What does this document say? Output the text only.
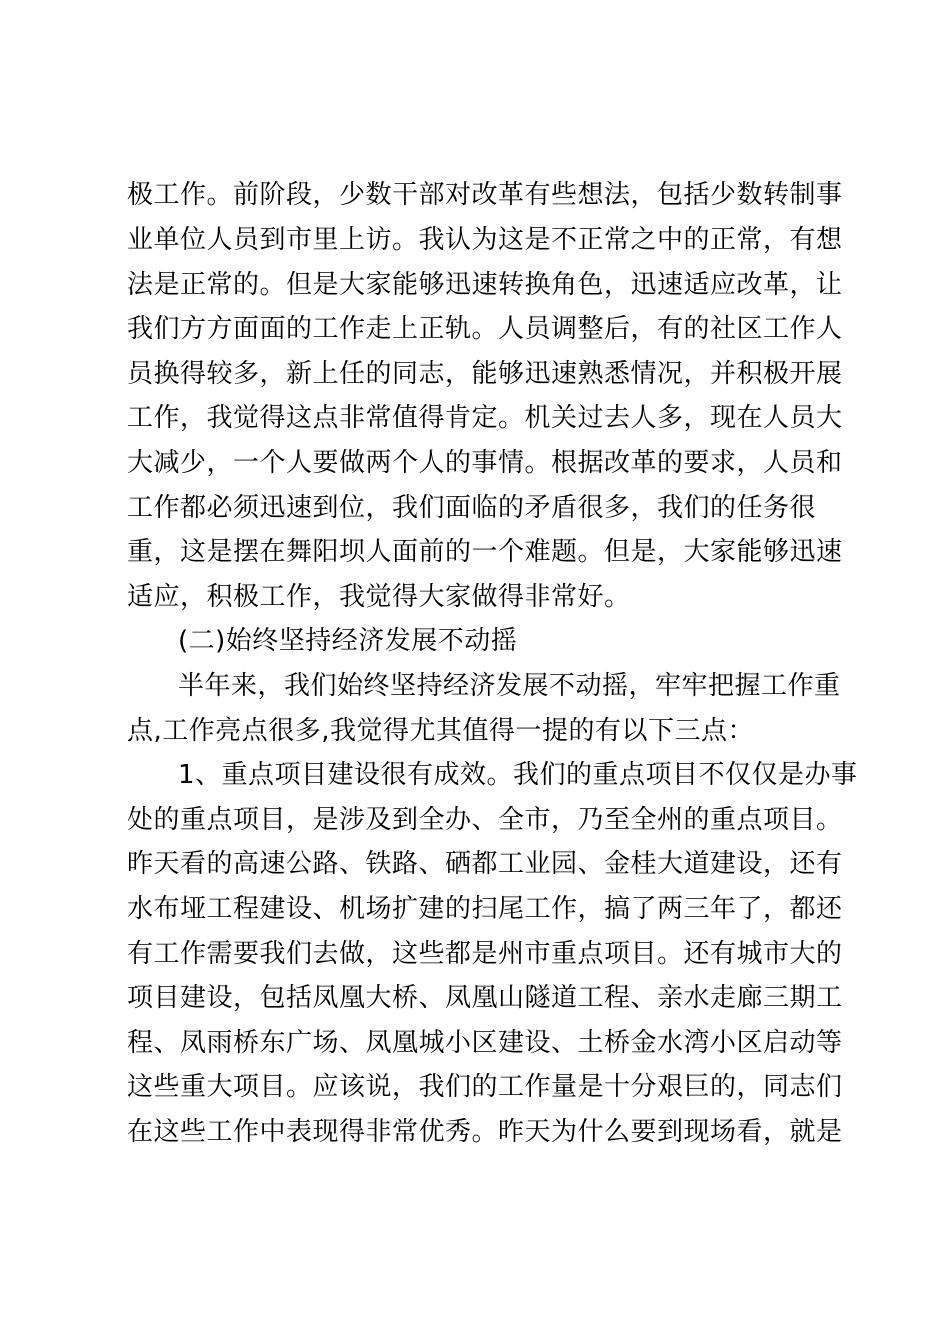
极工作。前阶段，少数干部对改革有些想法，包括少数转制事
业单位人员到市里上访。我认为这是不正常之中的正常，有想
法是正常的。但是大家能够迅速转换角色，迅速适应改革，让
我们方方面面的工作走上正轨。人员调整后，有的社区工作人
员换得较多，新上任的同志，能够迅速熟悉情况，并积极开展
工作，我觉得这点非常值得肯定。机关过去人多，现在人员大
大减少，一个人要做两个人的事情。根据改革的要求，人员和
工作都必须迅速到位，我们面临的矛盾很多，我们的任务很
重，这是摆在舞阳坝人面前的一个难题。但是，大家能够迅速
适应，积极工作，我觉得大家做得非常好。
(二)始终坚持经济发展不动摇
半年来，我们始终坚持经济发展不动摇，牢牢把握工作重
点,工作亮点很多,我觉得尤其值得一提的有以下三点：
1、重点项目建设很有成效。我们的重点项目不仅仅是办事
处的重点项目，是涉及到全办、全市，乃至全州的重点项目。
昨天看的高速公路、铁路、硒都工业园、金桂大道建设，还有
水布垭工程建设、机场扩建的扫尾工作，搞了两三年了，都还
有工作需要我们去做，这些都是州市重点项目。还有城市大的
项目建设，包括凤凰大桥、凤凰山隧道工程、亲水走廊三期工
程、凤雨桥东广场、凤凰城小区建设、土桥金水湾小区启动等
这些重大项目。应该说，我们的工作量是十分艰巨的，同志们
在这些工作中表现得非常优秀。昨天为什么要到现场看，就是
